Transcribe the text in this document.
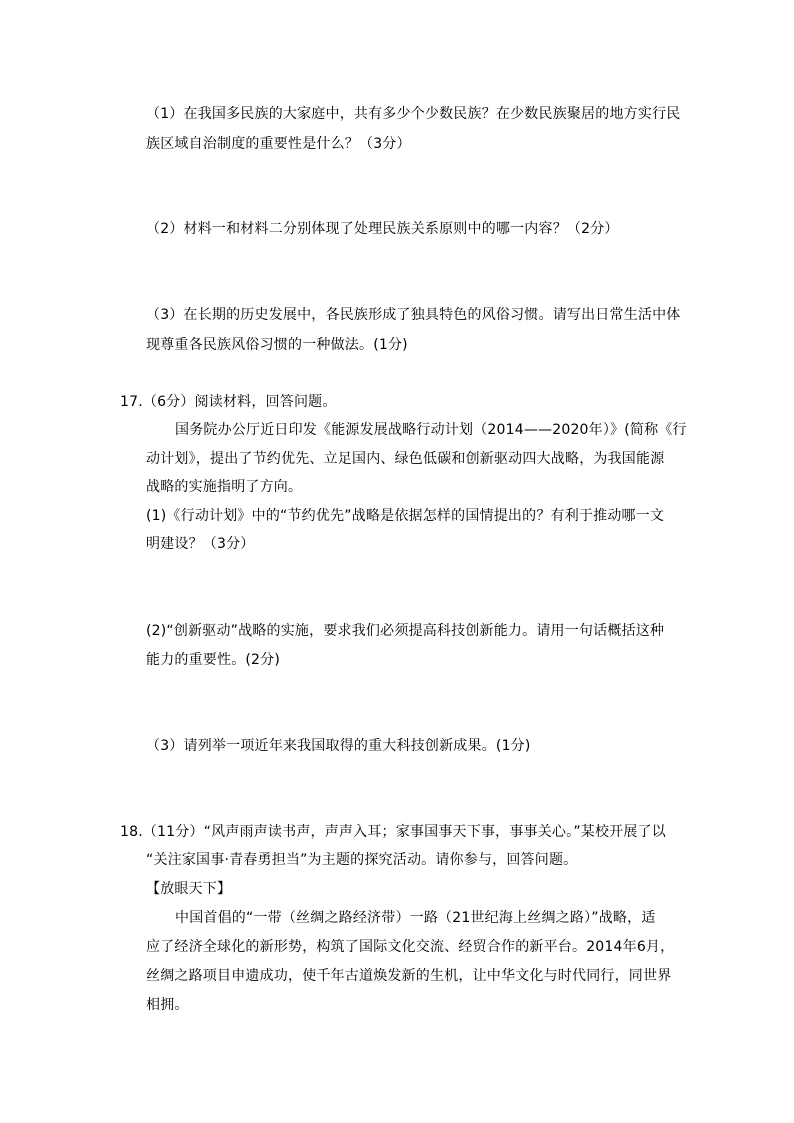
（1）在我国多民族的大家庭中，共有多少个少数民族？在少数民族聚居的地方实行民
族区域自治制度的重要性是什么？（3分）
（2）材料一和材料二分别体现了处理民族关系原则中的哪一内容？（2分）
（3）在长期的历史发展中，各民族形成了独具特色的风俗习惯。请写出日常生活中体
现尊重各民族风俗习惯的一种做法。(1分)
17.（6分）阅读材料，回答问题。
国务院办公厅近日印发《能源发展战略行动计划（2014——2020年）》(简称《行
动计划》，提出了节约优先、立足国内、绿色低碳和创新驱动四大战略，为我国能源
战略的实施指明了方向。
(1)《行动计划》中的“节约优先”战略是依据怎样的国情提出的？有利于推动哪一文
明建设？（3分）
(2)“创新驱动”战略的实施，要求我们必须提高科技创新能力。请用一句话概括这种
能力的重要性。(2分)
（3）请列举一项近年来我国取得的重大科技创新成果。(1分)
18.（11分）“风声雨声读书声，声声入耳；家事国事天下事，事事关心。”某校开展了以
“关注家国事·青春勇担当”为主题的探究活动。请你参与，回答问题。
【放眼天下】
中国首倡的“一带（丝绸之路经济带）一路（21世纪海上丝绸之路）”战略，适
应了经济全球化的新形势，构筑了国际文化交流、经贸合作的新平台。2014年6月，
丝绸之路项目申遗成功，使千年古道焕发新的生机，让中华文化与时代同行，同世界
相拥。
